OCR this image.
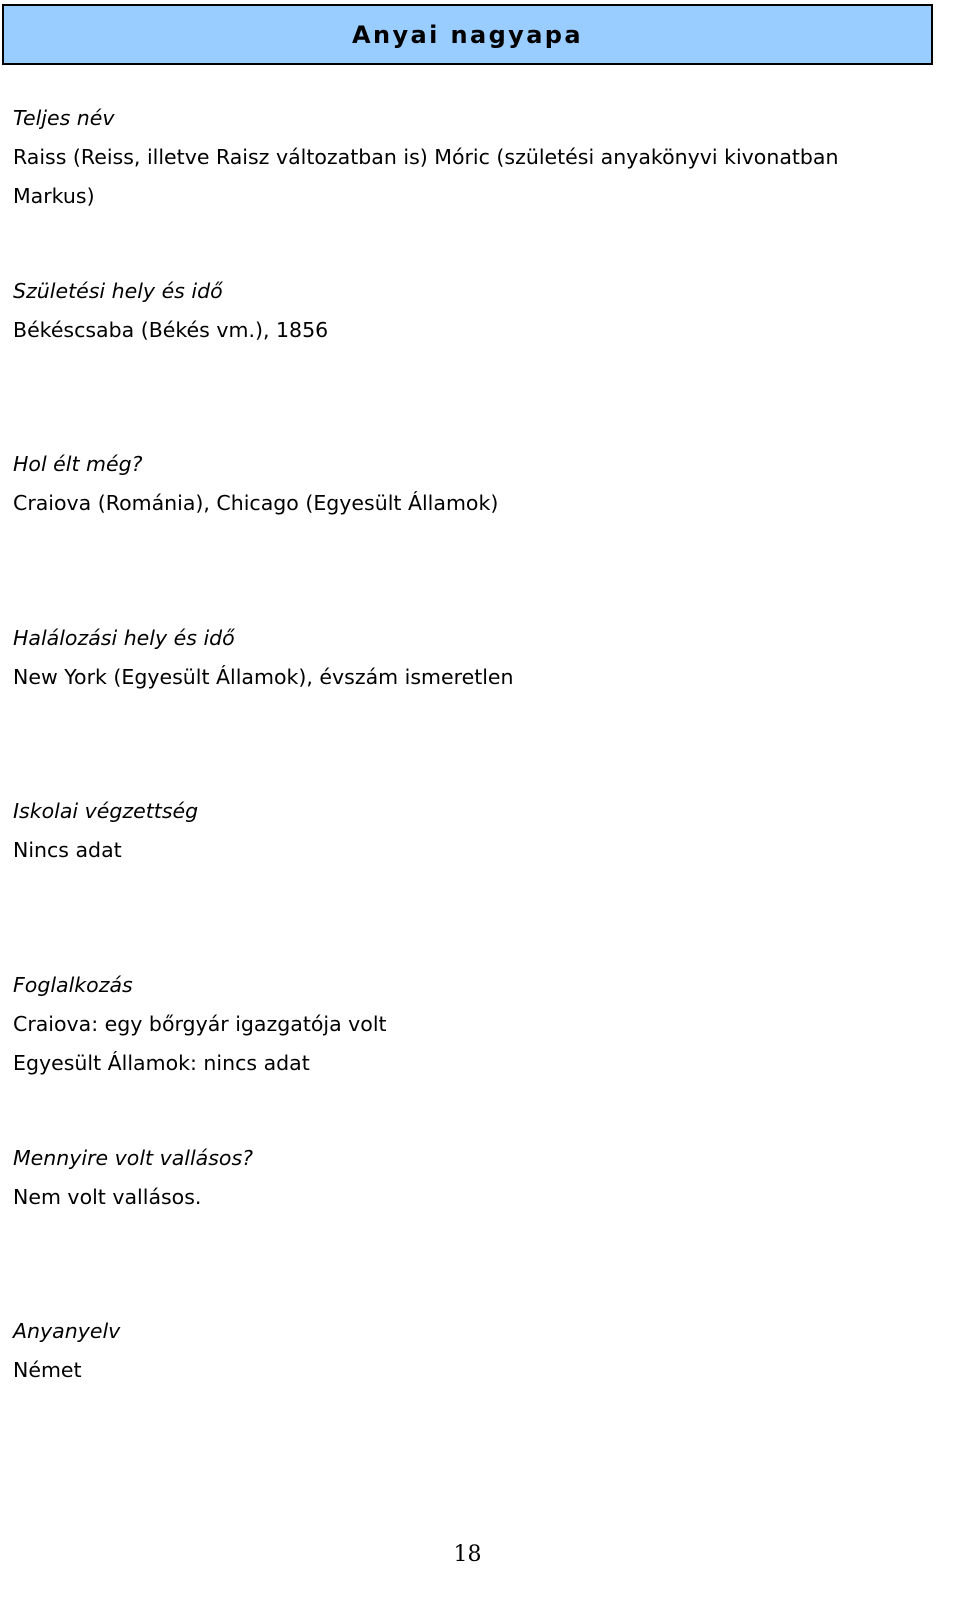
Anyai nagyapa
Teljes név
Raiss (Reiss, illetve Raisz változatban is) Móric (születési anyakönyvi kivonatban
Markus)
Születési hely és idő
Békéscsaba (Békés vm.), 1856
Hol élt még?
Craiova (Románia), Chicago (Egyesült Államok)
Halálozási hely és idő
New York (Egyesült Államok), évszám ismeretlen
Iskolai végzettség
Nincs adat
Foglalkozás
Craiova: egy bőrgyár igazgatója volt
Egyesült Államok: nincs adat
Mennyire volt vallásos?
Nem volt vallásos.
Anyanyelv
Német
18
